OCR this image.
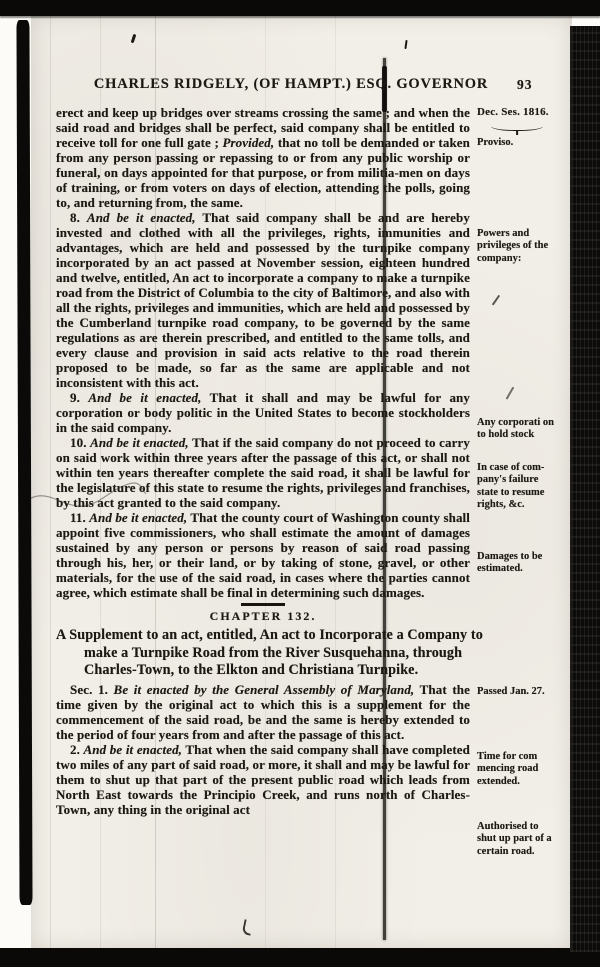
CHARLES RIDGELY, (OF HAMPT.) ESQ. GOVERNOR	93

erect and keep up bridges over streams crossing the same ; and when the said road and bridges shall be perfect, said company shall be entitled to receive toll for one full gate ; Provided, that no toll be demanded or taken from any person passing or repassing to or from any public worship or funeral, on days appointed for that purpose, or from militia-men on days of training, or from voters on days of election, attending the polls, going to, and returning from, the same.

8. And be it enacted, That said company shall be and are hereby invested and clothed with all the privileges, rights, immunities and advantages, which are held and possessed by the turnpike company incorporated by an act passed at November session, eighteen hundred and twelve, entitled, An act to incorporate a company to make a turnpike road from the District of Columbia to the city of Baltimore, and also with all the rights, privileges and immunities, which are held and possessed by the Cumberland turnpike road company, to be governed by the same regulations as are therein prescribed, and entitled to the same tolls, and every clause and provision in said acts relative to the road therein proposed to be made, so far as the same are applicable and not inconsistent with this act.

9. And be it enacted, That it shall and may be lawful for any corporation or body politic in the United States to become stockholders in the said company.

10. And be it enacted, That if the said company do not proceed to carry on said work within three years after the passage of this act, or shall not within ten years thereafter complete the said road, it shall be lawful for the legislature of this state to resume the rights, privileges and franchises, by this act granted to the said company.

11. And be it enacted, That the county court of Washington county shall appoint five commissioners, who shall estimate the amount of damages sustained by any person or persons by reason of said road passing through his, her, or their land, or by taking of stone, gravel, or other materials, for the use of the said road, in cases where the parties cannot agree, which estimate shall be final in determining such damages.

CHAPTER 132.
A Supplement to an act, entitled, An act to Incorporate a Company to make a Turnpike Road from the River Susquehanna, through Charles-Town, to the Elkton and Christiana Turnpike.

Sec. 1. Be it enacted by the General Assembly of Maryland, That the time given by the original act to which this is a supplement for the commencement of the said road, be and the same is hereby extended to the period of four years from and after the passage of this act.

2. And be it enacted, That when the said company shall have completed two miles of any part of said road, or more, it shall and may be lawful for them to shut up that part of the present public road which leads from North East towards the Principio Creek, and runs north of Charles-Town, any thing in the original act

Dec. Ses. 1816.
Proviso.
Powers and privileges of the company:
Any corporati on to hold stock
In case of com- pany's failure state to resume rights, &c.
Damages to be estimated.
Passed Jan. 27.
Time for com mencing road extended.
Authorised to shut up part of a certain road.
